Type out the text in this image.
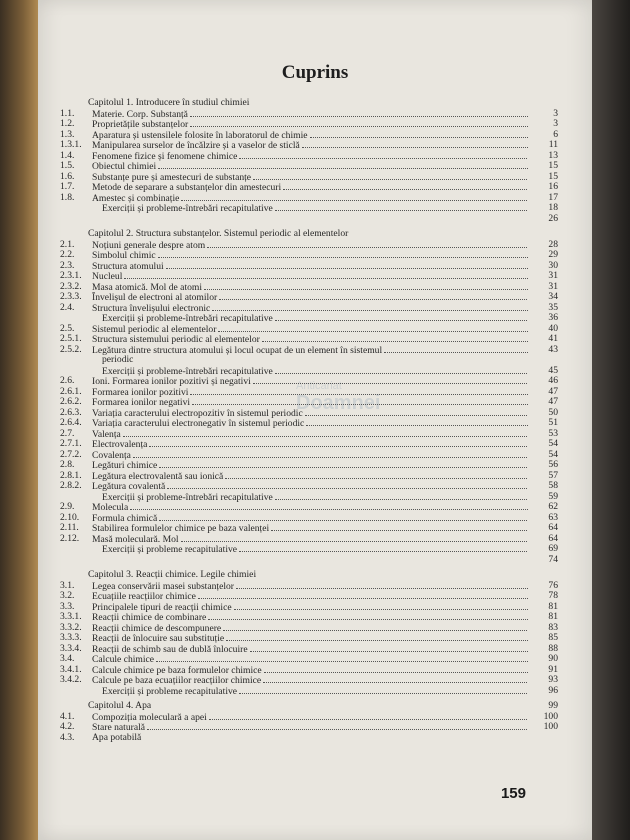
Cuprins
Anticariat
Doamnei
Capitolul 1. Introducere în studiul chimiei
1.1.	Materie. Corp. Substanță	3
1.2.	Proprietățile substanțelor	3
1.3.	Aparatura și ustensilele folosite în laboratorul de chimie	6
1.3.1.	Manipularea surselor de încălzire și a vaselor de sticlă	11
1.4.	Fenomene fizice și fenomene chimice	13
1.5.	Obiectul chimiei	15
1.6.	Substanțe pure și amestecuri de substanțe	15
1.7.	Metode de separare a substanțelor din amestecuri	16
1.8.	Amestec și combinație	17
Exerciții și probleme-întrebări recapitulative	18
26
Capitolul 2. Structura substanțelor. Sistemul periodic al elementelor
2.1.	Noțiuni generale despre atom	28
2.2.	Simbolul chimic	29
2.3.	Structura atomului	30
2.3.1.	Nucleul	31
2.3.2.	Masa atomică. Mol de atomi	31
2.3.3.	Învelișul de electroni al atomilor	34
2.4.	Structura învelișului electronic	35
Exerciții și probleme-întrebări recapitulative	36
2.5.	Sistemul periodic al elementelor	40
2.5.1.	Structura sistemului periodic al elementelor	41
2.5.2.	Legătura dintre structura atomului și locul ocupat de un element în sistemul	43
periodic
Exerciții și probleme-întrebări recapitulative	45
2.6.	Ioni. Formarea ionilor pozitivi și negativi	46
2.6.1.	Formarea ionilor pozitivi	47
2.6.2.	Formarea ionilor negativi	47
2.6.3.	Variația caracterului electropozitiv în sistemul periodic	50
2.6.4.	Variația caracterului electronegativ în sistemul periodic	51
2.7.	Valența	53
2.7.1.	Electrovalența	54
2.7.2.	Covalența	54
2.8.	Legături chimice	56
2.8.1.	Legătura electrovalentă sau ionică	57
2.8.2.	Legătura covalentă	58
Exerciții și probleme-întrebări recapitulative	59
2.9.	Molecula	62
2.10.	Formula chimică	63
2.11.	Stabilirea formulelor chimice pe baza valenței	64
2.12.	Masă moleculară. Mol	64
Exerciții și probleme recapitulative	69
74
Capitolul 3. Reacții chimice. Legile chimiei
3.1.	Legea conservării masei substanțelor	76
3.2.	Ecuațiile reacțiilor chimice	78
3.3.	Principalele tipuri de reacții chimice	81
3.3.1.	Reacții chimice de combinare	81
3.3.2.	Reacții chimice de descompunere	83
3.3.3.	Reacții de înlocuire sau substituție	85
3.3.4.	Reacții de schimb sau de dublă înlocuire	88
3.4.	Calcule chimice	90
3.4.1.	Calcule chimice pe baza formulelor chimice	91
3.4.2.	Calcule pe baza ecuațiilor reacțiilor chimice	93
Exerciții și probleme recapitulative	96
Capitolul 4. Apa	99
4.1.	Compoziția moleculară a apei	100
4.2.	Stare naturală	100
4.3.	Apa potabilă
159
